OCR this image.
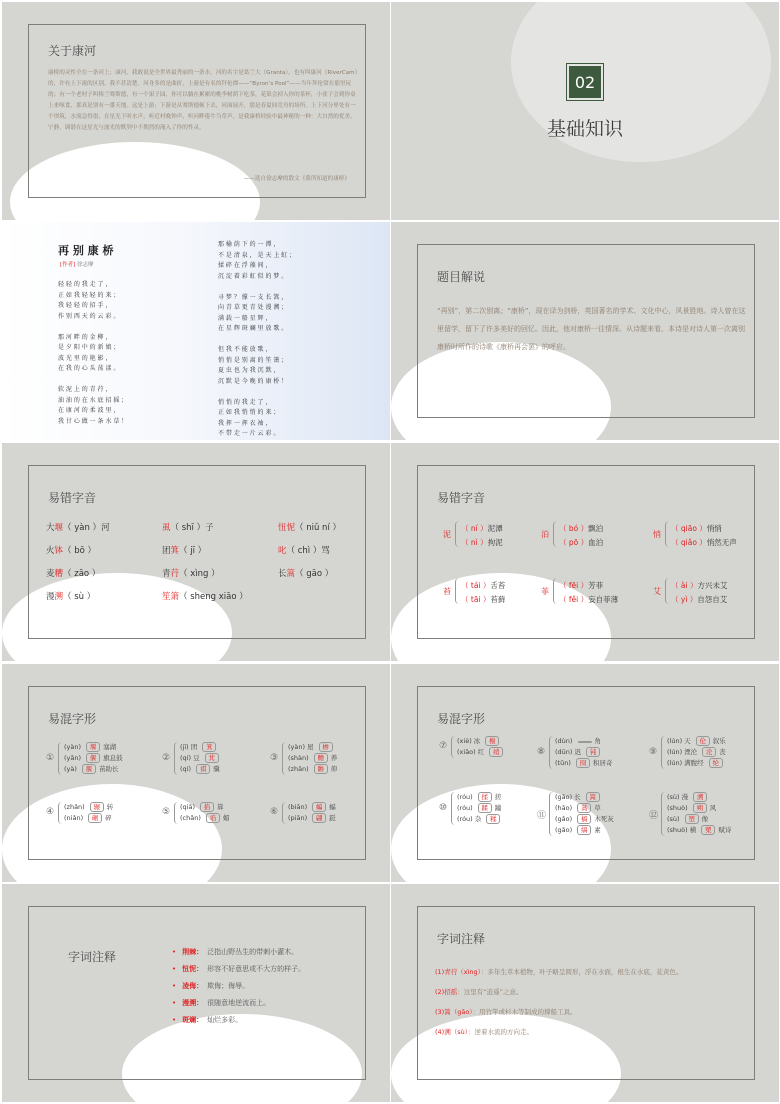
关于康河
康桥的灵性全在一条河上；康河，我敢说是全世界最秀丽的一条水。河的名字是葛兰大（Granta），也有叫康河（RiverCam）的，许有上下流的区别，我不甚清楚。河身多的是曲折，上游是有名的拜伦潭——“Byron’s Pool”——当年拜伦常在那里玩的；有一个老村子叫格兰骞斯德，有一个果子园，你可以躺在累累的桃李树荫下吃茶，花果会掉入你的茶杯，小雀子会到你桌上来啄食，那真是别有一番天地。这是上游；下游是从骞斯德顿下去，河面展开，那是春夏间竞舟的场所。上下河分界处有一个坝筑，水流急得很，在星光下听水声，听近村晚钟声，听河畔倦牛刍草声，是我康桥经验中最神秘的一种：大自然的优美、宁静，调谐在这星光与波光的默契中不期然的淹入了你的性灵。
——选自徐志摩的散文《我所知道的康桥》
02
基础知识
再 别 康 桥
[作者] 徐志摩
轻 轻 的 我 走 了 ，
正 如 我 轻 轻 的 来 ；
我 轻 轻 的 招 手 ，
作 别 西 天 的 云 彩 。
那 河 畔 的 金 柳 ，
是 夕 阳 中 的 新 娘 ；
波 光 里 的 艳 影 ，
在 我 的 心 头 荡 漾 。
软 泥 上 的 青 荇 ，
油 油 的 在 水 底 招 摇 ；
在 康 河 的 柔 波 里 ，
我 甘 心 做 一 条 水 草 ！
那 榆 荫 下 的 一 潭 ，
不 是 清 泉 ， 是 天 上 虹 ；
揉 碎 在 浮 藻 间 ，
沉 淀 着 彩 虹 似 的 梦 。
寻 梦 ？ 撑 一 支 长 篙 ，
向 青 草 更 青 处 漫 溯 ；
满 载 一 船 星 辉 ，
在 星 辉 斑 斓 里 放 歌 。
但 我 不 能 放 歌 ，
悄 悄 是 别 离 的 笙 箫 ；
夏 虫 也 为 我 沉 默 ，
沉 默 是 今 晚 的 康 桥 ！
悄 悄 的 我 走 了 ，
正 如 我 悄 悄 的 来 ；
我 挥 一 挥 衣 袖 ，
不 带 走 一 片 云 彩 。
题目解说
“再别”，第二次别离；“康桥”，现在译为剑桥，英国著名的学术、文化中心，风景胜地。诗人曾在这里留学，留下了许多美好的回忆。因此，他对康桥一往情深。从诗题来看，本诗是对诗人第一次离别康桥时所作的诗歌《康桥再会罢》的呼应。
易错字音
大堰（ yàn ）河	虱（ shī ）子	忸怩（ niǔ ní ）
火钵（ bō ）	团箕（ jī ）	叱（ chì ）骂
麦糟（ zāo ）	青荇（ xìng ）	长篙（ gāo ）
漫溯（ sù ）	笙箫（ sheng xiāo ）
易错字音
泥
（ ní ）泥潭
（ nì ）拘泥
泊
（ bó ）飘泊
（ pō ）血泊
悄
（ qiāo ）悄悄
（ qiǎo ）悄然无声
苔
（ tái ）舌苔
（ tāi ）苔藓
菲
（ fēi ）芳菲
（ fěi ）妄自菲薄
艾
（ ài ）方兴未艾
（ yì ）自怨自艾
易混字形
①
(yàn) 堰 塞湖
(yǎn) 偃 旗息鼓
(yà) 揠 苗助长
②
(jī) 团 箕
(qí) 豆 萁
(qí) 祺 骥
③
(yàn) 屋 檐
(shàn) 赡 养
(zhān) 瞻 仰
④ (zhǎn) 辗 转
(niǎn) 碾 碎
⑤ (qiā) 掐 算
(chǎn) 谄 媚
⑥ (biān) 蝙 蝠
(piān) 翩 跹
易混字形
⑦ (xiè) 冰 榭
(xiāo) 红 绡	⑧
(dùn)	角
(dūn) 迟 钝
(tǔn) 囤 积居奇
⑨
(lún) 天 伦 叙乐
(lún) 湮沦 沦 丧
(lún) 满腹经 纶
⑩
(róu) 揉 搓
(róu) 蹂 躏
(róu) 杂 糅	⑪
(gāo) 长 篙
(hāo) 蒿 草
(gǎo) 槁 木死灰
(gǎo) 缟 素
⑫
(sù) 漫 溯
(shuò) 朔 风
(sù) 塑 像
(shuò) 横 槊 赋诗
字词注释	• 荆棘： 泛指山野丛生的带刺小灌木。
• 忸怩： 形容不好意思或不大方的样子。
• 凌侮： 欺侮；侮辱。
• 漫溯： 很随意地逆流而上。
• 斑斓： 灿烂多彩。
字词注释
(1)青荇（xìng）：多年生草本植物，叶子略呈圆形，浮在水面，根生在水底，花黄色。
(2)招摇：这里有“逍遥”之意。
(3)篙（gāo）：用竹竿或杉木等制成的撑船工具。
(4)溯（sù）：逆着水流的方向走。
